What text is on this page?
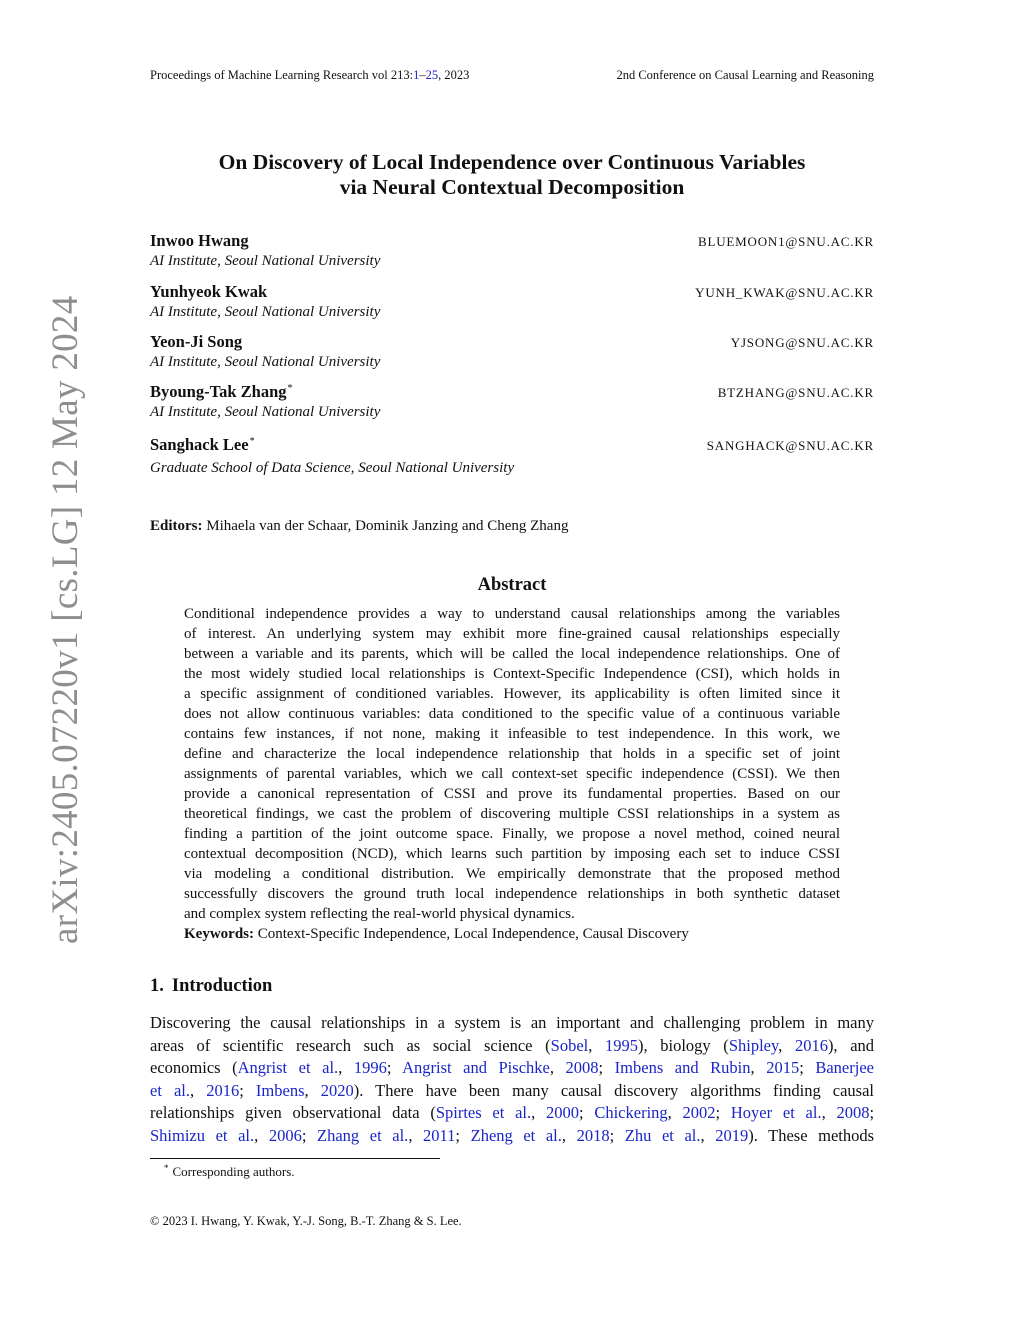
Proceedings of Machine Learning Research vol 213:1–25, 2023	2nd Conference on Causal Learning and Reasoning
arXiv:2405.07220v1 [cs.LG] 12 May 2024
On Discovery of Local Independence over Continuous Variables
via Neural Contextual Decomposition
Inwoo Hwang	BLUEMOON1@SNU.AC.KR
AI Institute, Seoul National University
Yunhyeok Kwak	YUNH_KWAK@SNU.AC.KR
AI Institute, Seoul National University
Yeon-Ji Song	YJSONG@SNU.AC.KR
AI Institute, Seoul National University
Byoung-Tak Zhang*	BTZHANG@SNU.AC.KR
AI Institute, Seoul National University
Sanghack Lee*	SANGHACK@SNU.AC.KR
Graduate School of Data Science, Seoul National University
Editors: Mihaela van der Schaar, Dominik Janzing and Cheng Zhang
Abstract
Conditional independence provides a way to understand causal relationships among the variables
of interest. An underlying system may exhibit more fine-grained causal relationships especially
between a variable and its parents, which will be called the local independence relationships. One of
the most widely studied local relationships is Context-Specific Independence (CSI), which holds in
a specific assignment of conditioned variables. However, its applicability is often limited since it
does not allow continuous variables: data conditioned to the specific value of a continuous variable
contains few instances, if not none, making it infeasible to test independence. In this work, we
define and characterize the local independence relationship that holds in a specific set of joint
assignments of parental variables, which we call context-set specific independence (CSSI). We then
provide a canonical representation of CSSI and prove its fundamental properties. Based on our
theoretical findings, we cast the problem of discovering multiple CSSI relationships in a system as
finding a partition of the joint outcome space. Finally, we propose a novel method, coined neural
contextual decomposition (NCD), which learns such partition by imposing each set to induce CSSI
via modeling a conditional distribution. We empirically demonstrate that the proposed method
successfully discovers the ground truth local independence relationships in both synthetic dataset
and complex system reflecting the real-world physical dynamics.
Keywords: Context-Specific Independence, Local Independence, Causal Discovery
1. Introduction
Discovering the causal relationships in a system is an important and challenging problem in many
areas of scientific research such as social science (Sobel, 1995), biology (Shipley, 2016), and
economics (Angrist et al., 1996; Angrist and Pischke, 2008; Imbens and Rubin, 2015; Banerjee
et al., 2016; Imbens, 2020). There have been many causal discovery algorithms finding causal
relationships given observational data (Spirtes et al., 2000; Chickering, 2002; Hoyer et al., 2008;
Shimizu et al., 2006; Zhang et al., 2011; Zheng et al., 2018; Zhu et al., 2019). These methods
* Corresponding authors.
© 2023 I. Hwang, Y. Kwak, Y.-J. Song, B.-T. Zhang & S. Lee.
